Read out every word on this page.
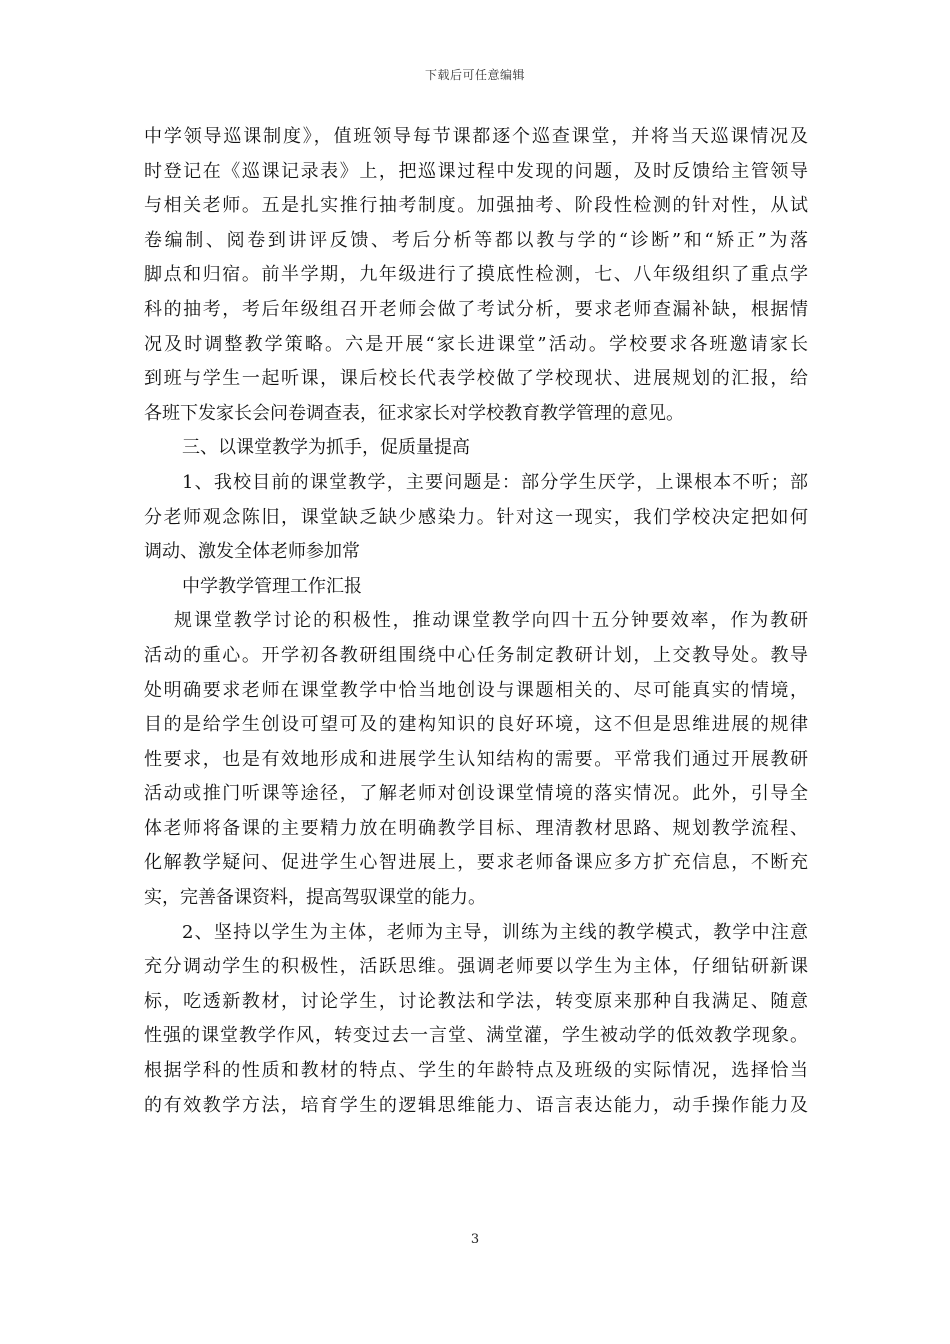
下载后可任意编辑
中学领导巡课制度》，值班领导每节课都逐个巡查课堂，并将当天巡课情况及
时登记在《巡课记录表》上，把巡课过程中发现的问题，及时反馈给主管领导
与相关老师。五是扎实推行抽考制度。加强抽考、阶段性检测的针对性，从试
卷编制、阅卷到讲评反馈、考后分析等都以教与学的“诊断”和“矫正”为落
脚点和归宿。前半学期，九年级进行了摸底性检测，七、八年级组织了重点学
科的抽考，考后年级组召开老师会做了考试分析，要求老师查漏补缺，根据情
况及时调整教学策略。六是开展“家长进课堂”活动。学校要求各班邀请家长
到班与学生一起听课，课后校长代表学校做了学校现状、进展规划的汇报，给
各班下发家长会问卷调查表，征求家长对学校教育教学管理的意见。
三、以课堂教学为抓手，促质量提高
1、我校目前的课堂教学，主要问题是：部分学生厌学，上课根本不听；部
分老师观念陈旧，课堂缺乏缺少感染力。针对这一现实，我们学校决定把如何
调动、激发全体老师参加常
中学教学管理工作汇报
规课堂教学讨论的积极性，推动课堂教学向四十五分钟要效率，作为教研
活动的重心。开学初各教研组围绕中心任务制定教研计划，上交教导处。教导
处明确要求老师在课堂教学中恰当地创设与课题相关的、尽可能真实的情境，
目的是给学生创设可望可及的建构知识的良好环境，这不但是思维进展的规律
性要求，也是有效地形成和进展学生认知结构的需要。平常我们通过开展教研
活动或推门听课等途径，了解老师对创设课堂情境的落实情况。此外，引导全
体老师将备课的主要精力放在明确教学目标、理清教材思路、规划教学流程、
化解教学疑问、促进学生心智进展上，要求老师备课应多方扩充信息，不断充
实，完善备课资料，提高驾驭课堂的能力。
2、坚持以学生为主体，老师为主导，训练为主线的教学模式，教学中注意
充分调动学生的积极性，活跃思维。强调老师要以学生为主体，仔细钻研新课
标，吃透新教材，讨论学生，讨论教法和学法，转变原来那种自我满足、随意
性强的课堂教学作风，转变过去一言堂、满堂灌，学生被动学的低效教学现象。
根据学科的性质和教材的特点、学生的年龄特点及班级的实际情况，选择恰当
的有效教学方法，培育学生的逻辑思维能力、语言表达能力，动手操作能力及
3
